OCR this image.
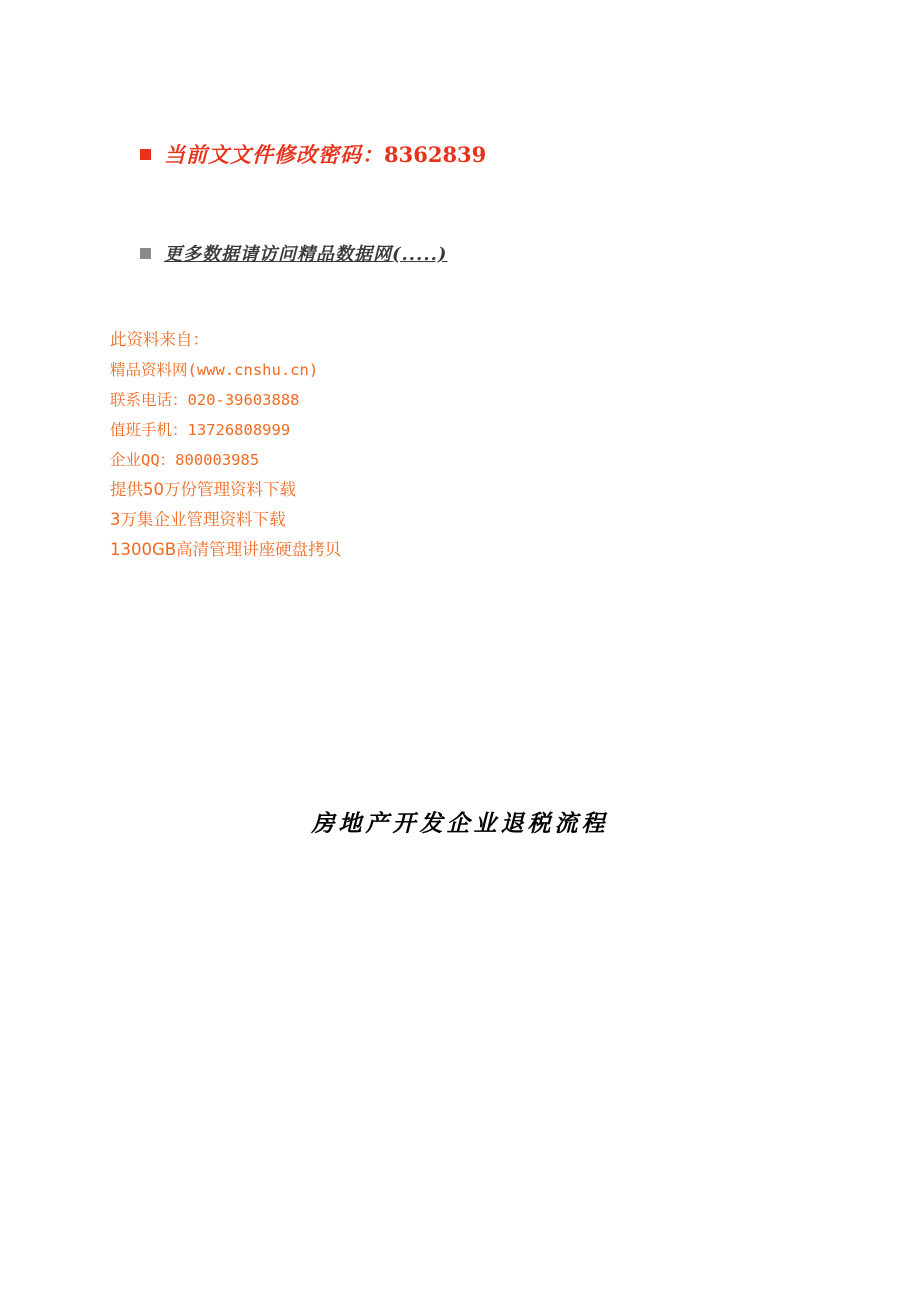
当前文文件修改密码： 8362839
更多数据请访问精品数据网(.....)
此资料来自：
精品资料网(www.cnshu.cn)
联系电话：020-39603888
值班手机：13726808999
企业QQ：800003985
提供50万份管理资料下载
3万集企业管理资料下载
1300GB高清管理讲座硬盘拷贝
房地产开发企业退税流程
